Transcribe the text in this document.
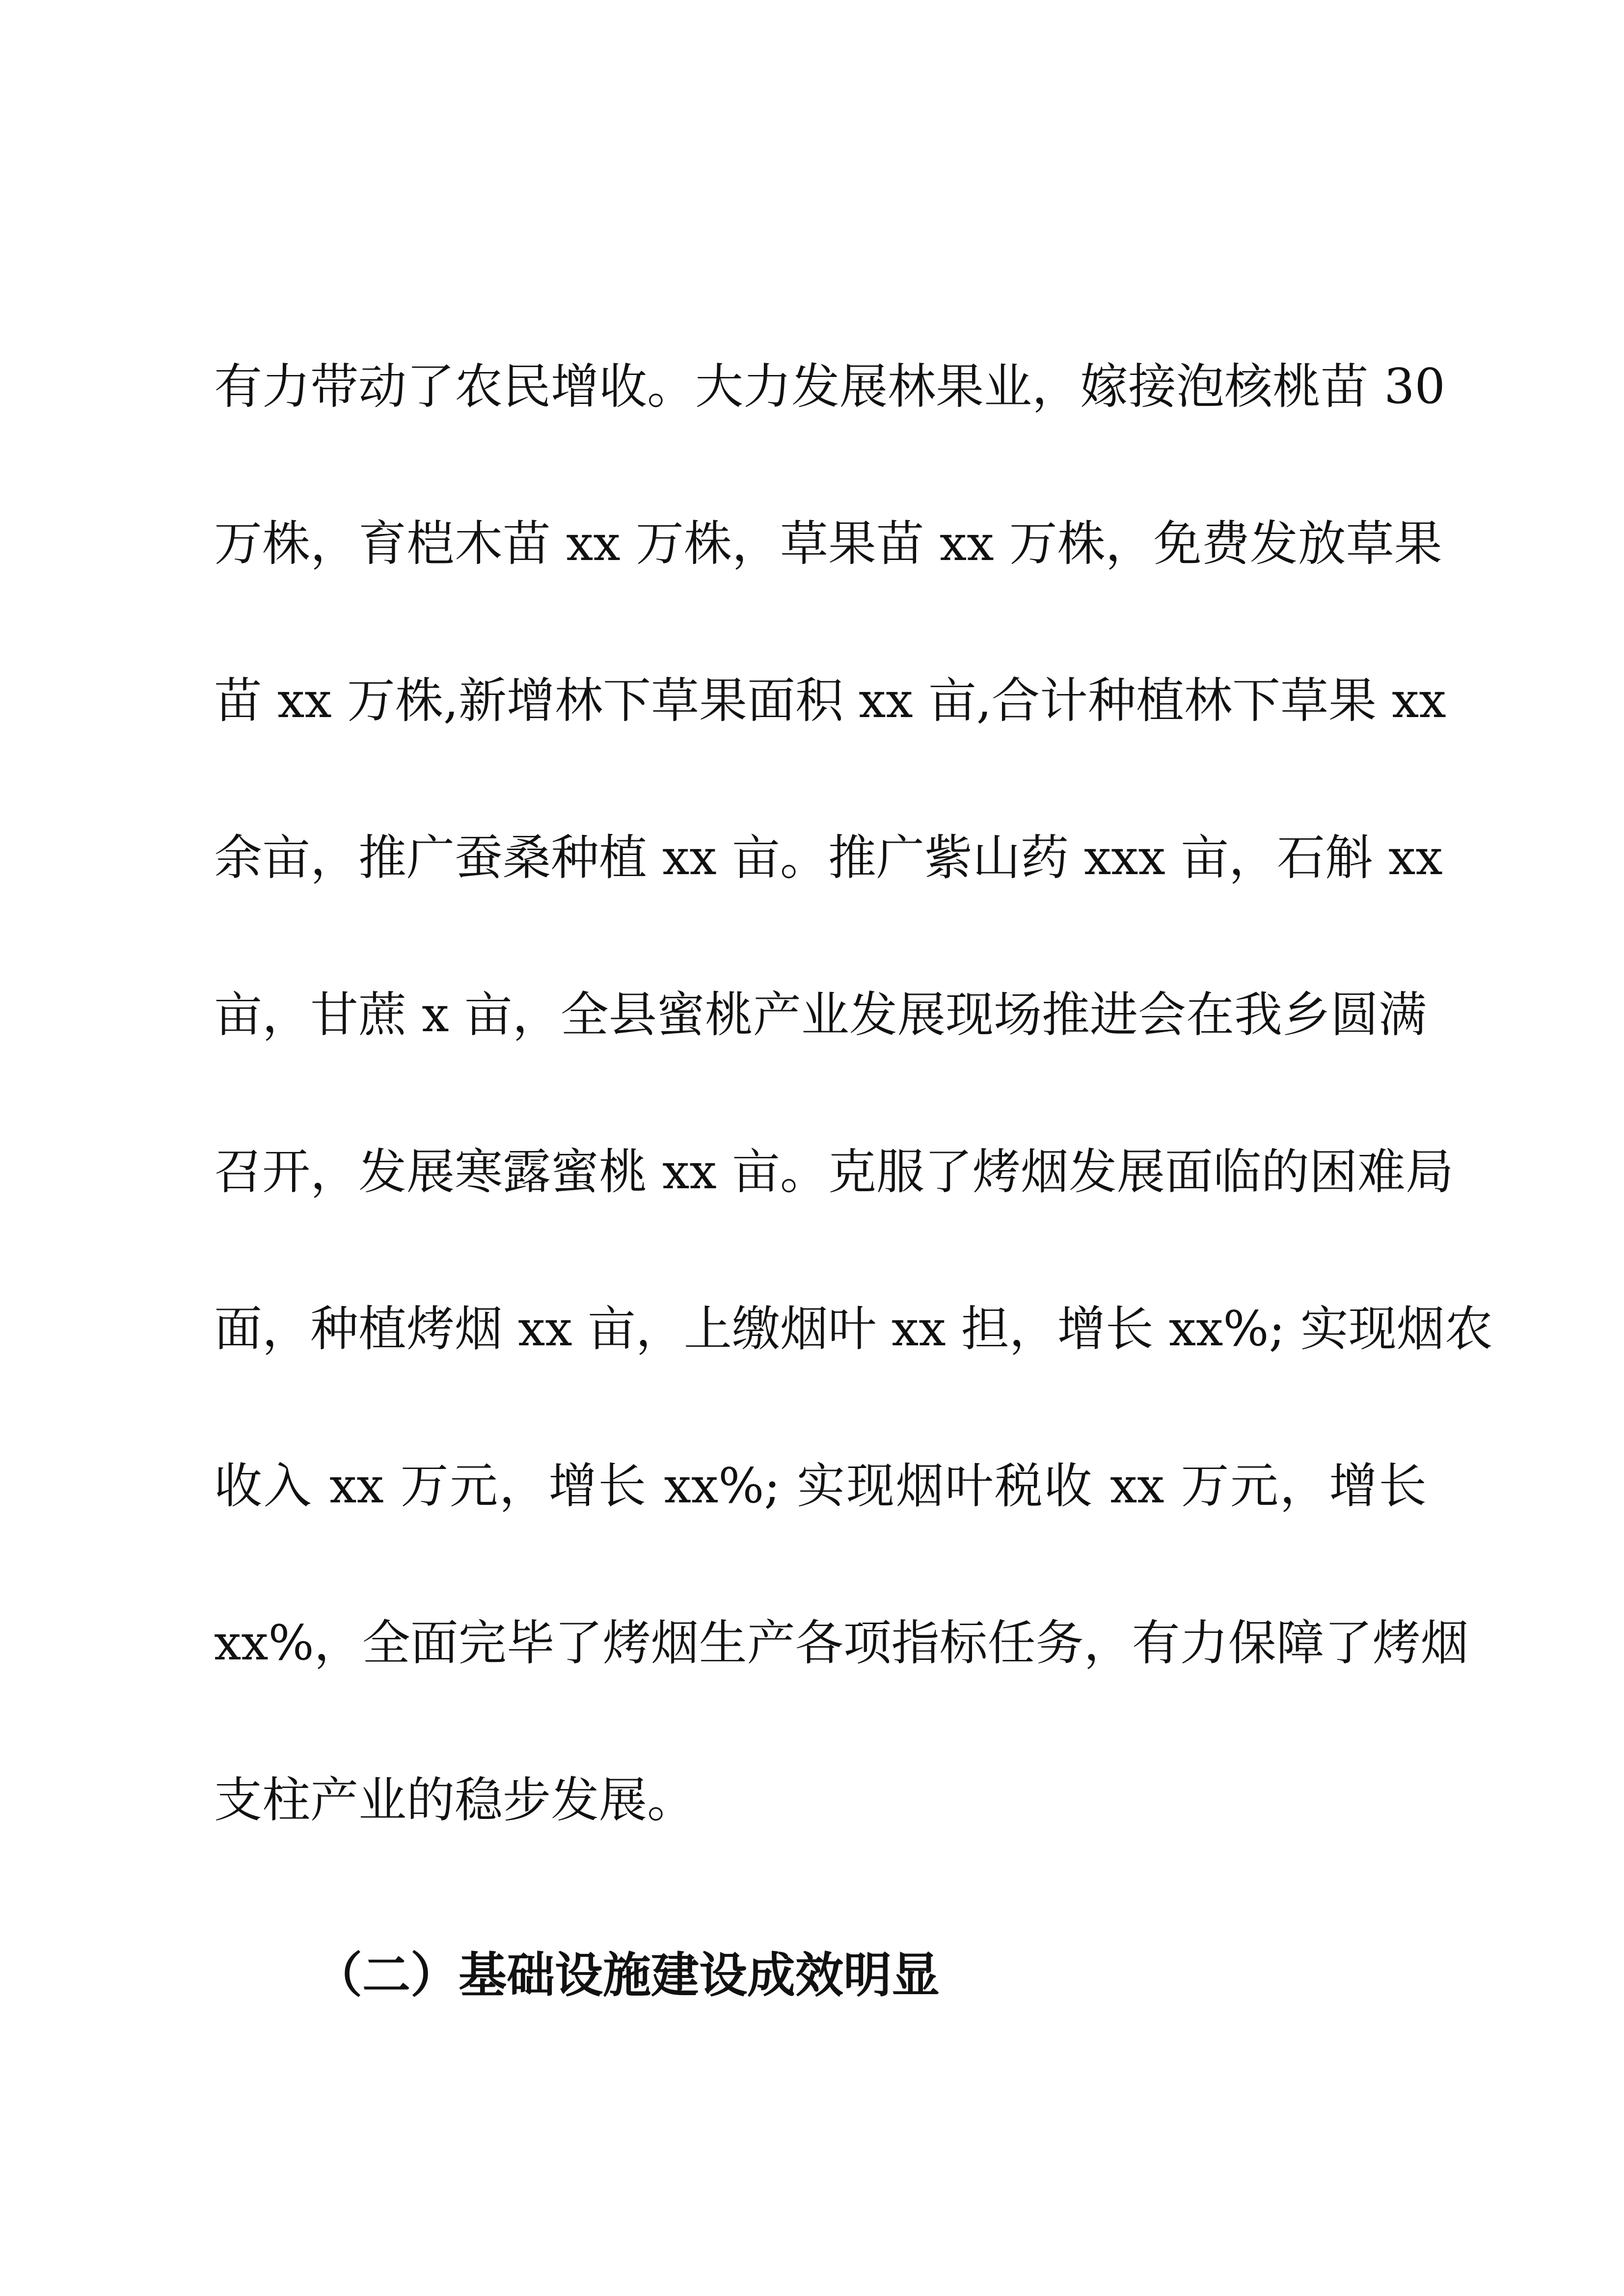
有力带动了农民增收。大力发展林果业，嫁接泡核桃苗 30
万株，育桤木苗 xx 万株，草果苗 xx 万株，免费发放草果
苗 xx 万株,新增林下草果面积 xx 亩,合计种植林下草果 xx
余亩，推广蚕桑种植 xx 亩。推广紫山药 xxx 亩，石斛 xx
亩，甘蔗 x 亩，全县蜜桃产业发展现场推进会在我乡圆满
召开，发展寒露蜜桃 xx 亩。克服了烤烟发展面临的困难局
面，种植烤烟 xx 亩，上缴烟叶 xx 担，增长 xx%; 实现烟农
收入 xx 万元，增长 xx%; 实现烟叶税收 xx 万元，增长
xx%，全面完毕了烤烟生产各项指标任务，有力保障了烤烟
支柱产业的稳步发展。
（二）基础设施建设成效明显
